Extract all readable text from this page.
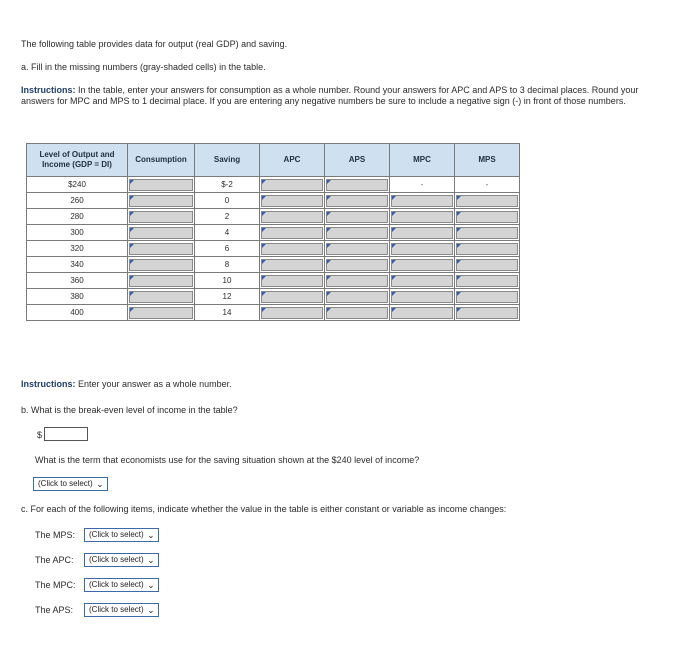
The following table provides data for output (real GDP) and saving.

a. Fill in the missing numbers (gray-shaded cells) in the table.

Instructions: In the table, enter your answers for consumption as a whole number. Round your answers for APC and APS to 3 decimal places. Round your answers for MPC and MPS to 1 decimal place. If you are entering any negative numbers be sure to include a negative sign (-) in front of those numbers.

Level of Output and Income (GDP = DI)	Consumption	Saving	APC	APS	MPC	MPS
$240		$-2			-	-
260		0	

280		2	

300		4	

320		6	

340		8	

360		10	

380		12	

400		14	

Instructions: Enter your answer as a whole number.

b. What is the break-even level of income in the table?

$

What is the term that economists use for the saving situation shown at the $240 level of income?

(Click to select) ⌄

c. For each of the following items, indicate whether the value in the table is either constant or variable as income changes:

The MPS:	(Click to select) ⌄

The APC:	(Click to select) ⌄

The MPC:	(Click to select) ⌄

The APS:	(Click to select) ⌄
